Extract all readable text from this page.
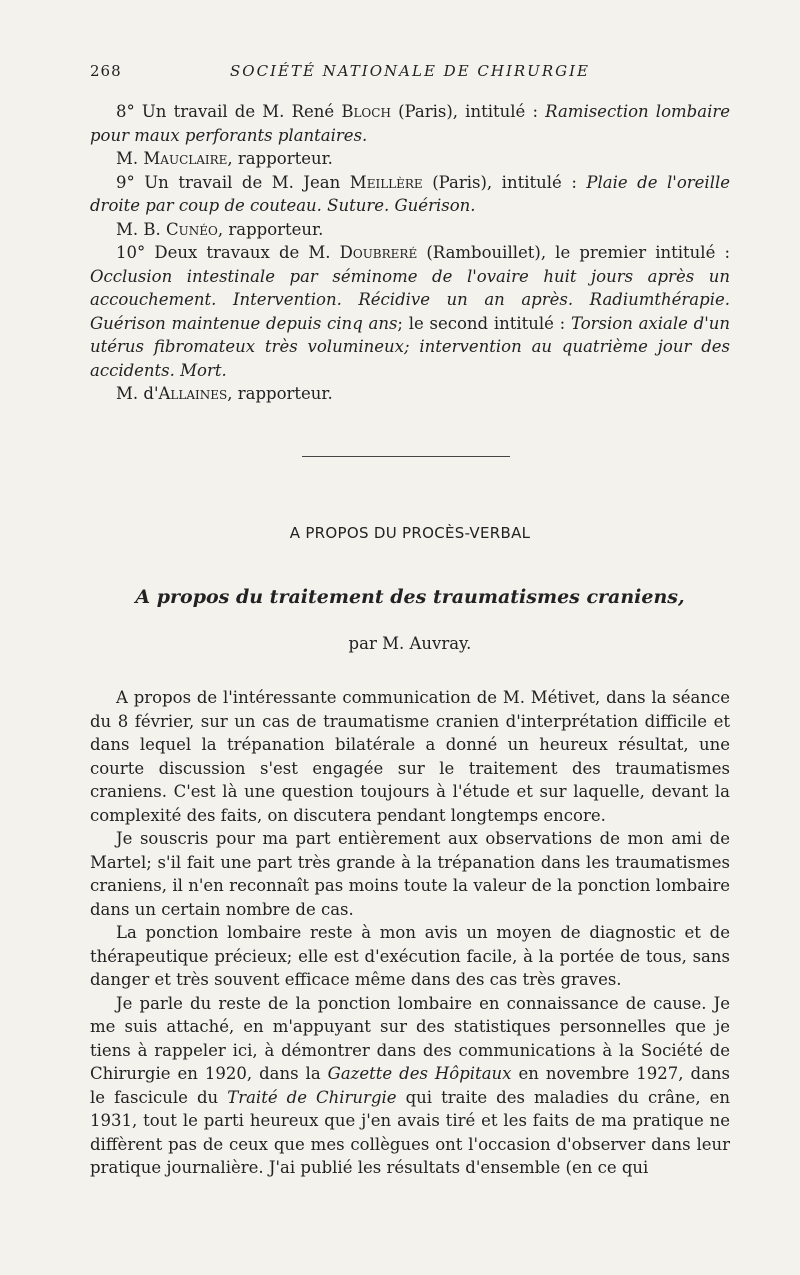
268	SOCIÉTÉ NATIONALE DE CHIRURGIE

8° Un travail de M. René Bloch (Paris), intitulé : Ramisection lombaire pour maux perforants plantaires.

M. Mauclaire, rapporteur.

9° Un travail de M. Jean Meillère (Paris), intitulé : Plaie de l'oreille droite par coup de couteau. Suture. Guérison.

M. B. Cunéo, rapporteur.

10° Deux travaux de M. Doubreré (Rambouillet), le premier intitulé : Occlusion intestinale par séminome de l'ovaire huit jours après un accouchement. Intervention. Récidive un an après. Radiumthérapie. Guérison maintenue depuis cinq ans; le second intitulé : Torsion axiale d'un utérus fibromateux très volumineux; intervention au quatrième jour des accidents. Mort.

M. d'Allaines, rapporteur.

A PROPOS DU PROCÈS-VERBAL
A propos du traitement des traumatismes craniens,
par M. Auvray.

A propos de l'intéressante communication de M. Métivet, dans la séance du 8 février, sur un cas de traumatisme cranien d'interprétation difficile et dans lequel la trépanation bilatérale a donné un heureux résultat, une courte discussion s'est engagée sur le traitement des traumatismes craniens. C'est là une question toujours à l'étude et sur laquelle, devant la complexité des faits, on discutera pendant longtemps encore.

Je souscris pour ma part entièrement aux observations de mon ami de Martel; s'il fait une part très grande à la trépanation dans les traumatismes craniens, il n'en reconnaît pas moins toute la valeur de la ponction lombaire dans un certain nombre de cas.

La ponction lombaire reste à mon avis un moyen de diagnostic et de thérapeutique précieux; elle est d'exécution facile, à la portée de tous, sans danger et très souvent efficace même dans des cas très graves.

Je parle du reste de la ponction lombaire en connaissance de cause. Je me suis attaché, en m'appuyant sur des statistiques personnelles que je tiens à rappeler ici, à démontrer dans des communications à la Société de Chirurgie en 1920, dans la Gazette des Hôpitaux en novembre 1927, dans le fascicule du Traité de Chirurgie qui traite des maladies du crâne, en 1931, tout le parti heureux que j'en avais tiré et les faits de ma pratique ne diffèrent pas de ceux que mes collègues ont l'occasion d'observer dans leur pratique journalière. J'ai publié les résultats d'ensemble (en ce qui
